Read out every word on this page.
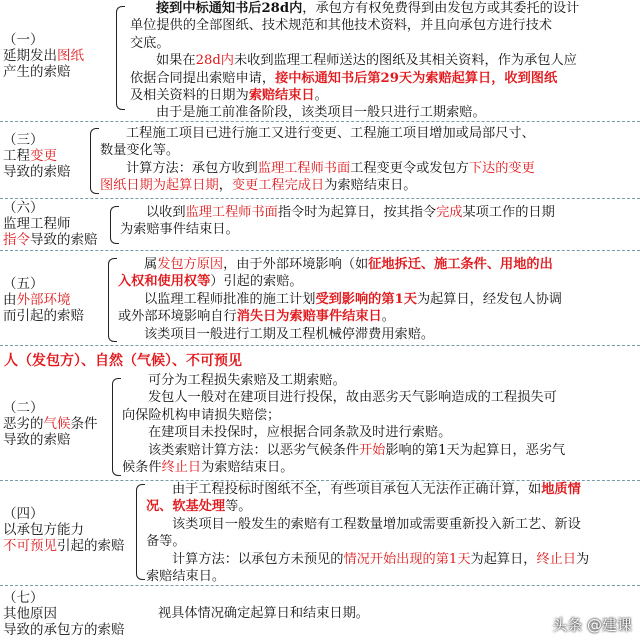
（一）
延期发出图纸
产生的索赔
接到中标通知书后28d内，承包方有权免费得到由发包方或其委托的设计
单位提供的全部图纸、技术规范和其他技术资料，并且向承包方进行技术
交底。
如果在28d内未收到监理工程师送达的图纸及其相关资料，作为承包人应
依据合同提出索赔申请，接中标通知书后第29天为索赔起算日，收到图纸
及相关资料的日期为索赔结束日。
由于是施工前准备阶段，该类项目一般只进行工期索赔。
（三）
工程变更
导致的索赔
工程施工项目已进行施工又进行变更、工程施工项目增加或局部尺寸、
数量变化等。
计算方法：承包方收到监理工程师书面工程变更令或发包方下达的变更
图纸日期为起算日期，变更工程完成日为索赔结束日。
（六）
监理工程师
指令导致的索赔
以收到监理工程师书面指令时为起算日，按其指令完成某项工作的日期
为索赔事件结束日。
（五）
由外部环境
而引起的索赔
属发包方原因，由于外部环境影响（如征地拆迁、施工条件、用地的出
入权和使用权等）引起的索赔。
以监理工程师批准的施工计划受到影响的第1天为起算日，经发包人协调
或外部环境影响自行消失日为索赔事件结束日。
该类项目一般进行工期及工程机械停滞费用索赔。
人（发包方）、自然（气候）、不可预见
（二）
恶劣的气候条件
导致的索赔
可分为工程损失索赔及工期索赔。
发包人一般对在建项目进行投保，故由恶劣天气影响造成的工程损失可
向保险机构申请损失赔偿；
在建项目未投保时，应根据合同条款及时进行索赔。
该类索赔计算方法：以恶劣气候条件开始影响的第1天为起算日，恶劣气
候条件终止日为索赔结束日。
（四）
以承包方能力
不可预见引起的索赔
由于工程投标时图纸不全，有些项目承包人无法作正确计算，如地质情
况、软基处理等。
该类项目一般发生的索赔有工程数量增加或需要重新投入新工艺、新设
备等。
计算方法：以承包方未预见的情况开始出现的第1天为起算日，终止日为
索赔结束日。
（七）
其他原因
导致的承包方的索赔
视具体情况确定起算日和结束日期。
头条 @建课
